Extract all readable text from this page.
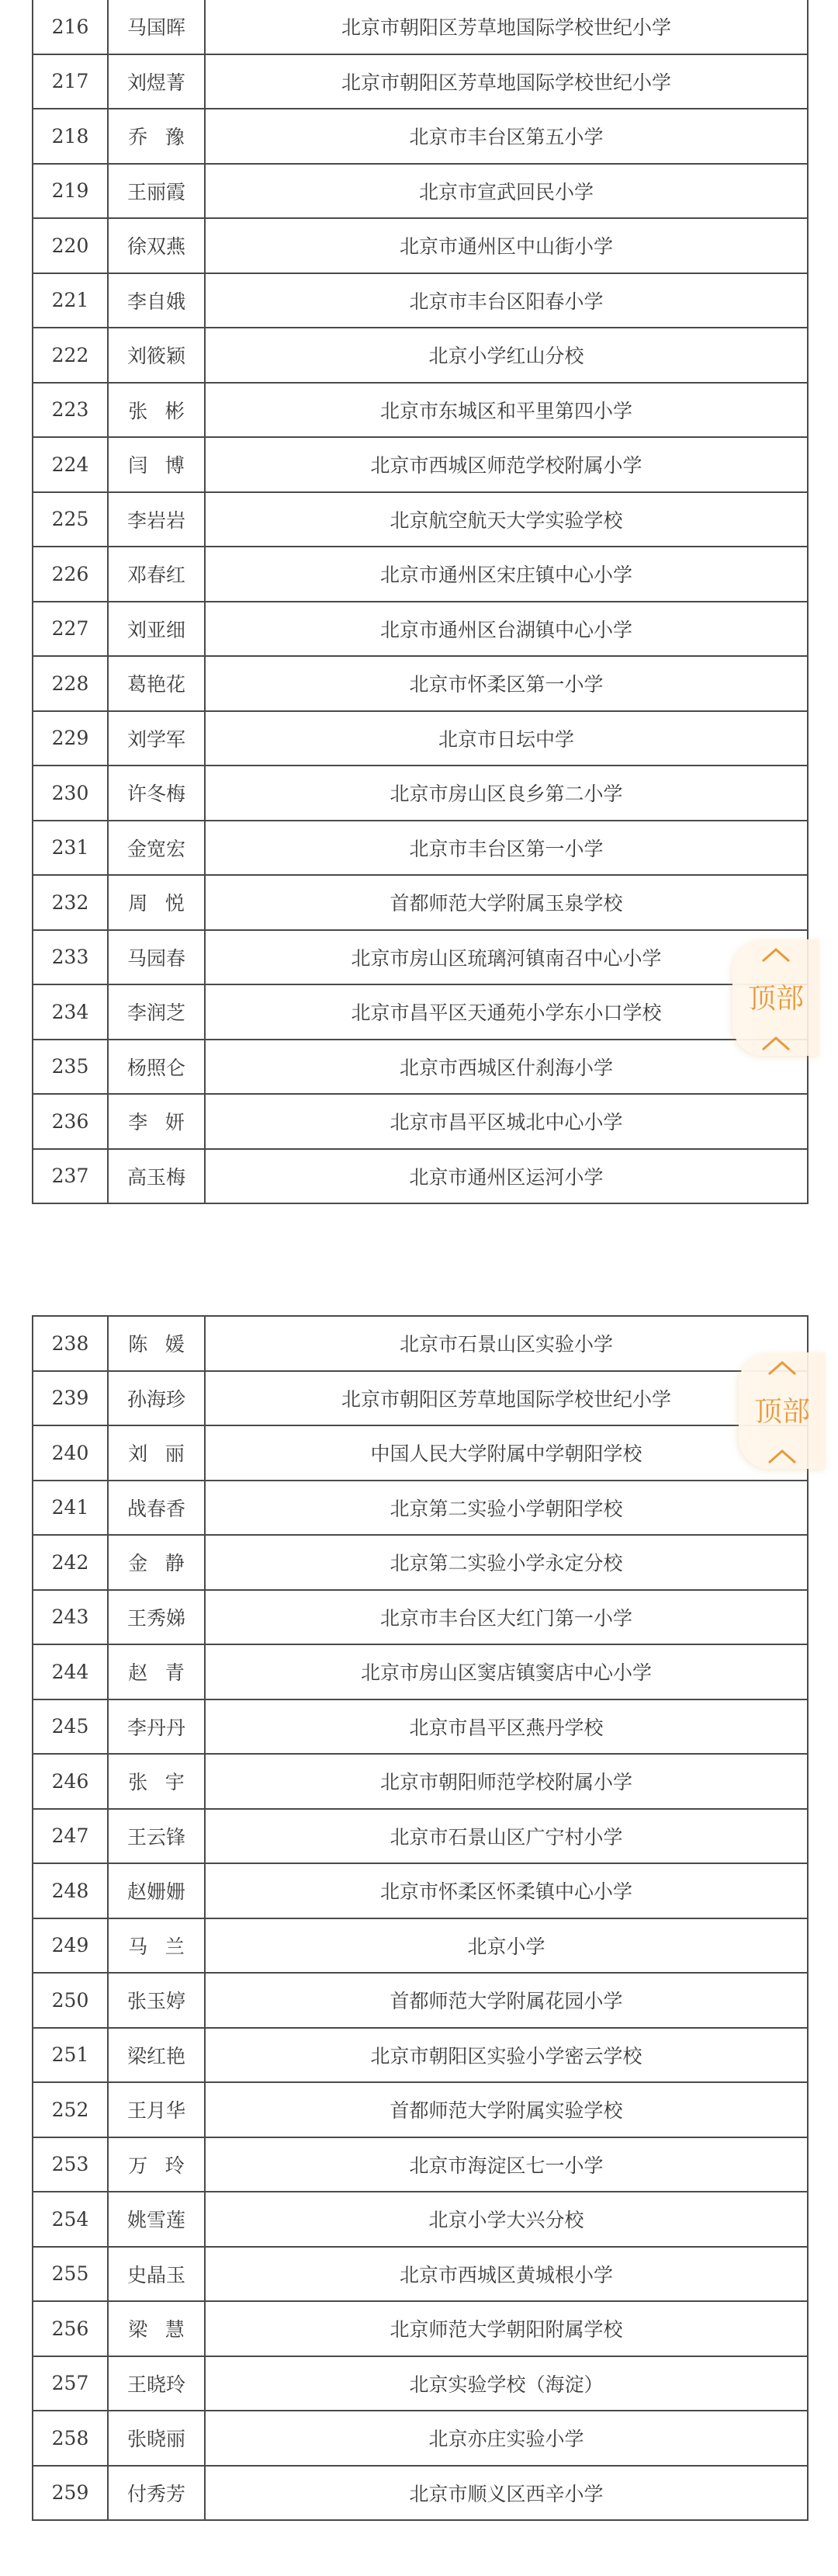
216	马国晖	北京市朝阳区芳草地国际学校世纪小学
217	刘煜菁	北京市朝阳区芳草地国际学校世纪小学
218	乔豫	北京市丰台区第五小学
219	王丽霞	北京市宣武回民小学
220	徐双燕	北京市通州区中山街小学
221	李自娥	北京市丰台区阳春小学
222	刘筱颖	北京小学红山分校
223	张彬	北京市东城区和平里第四小学
224	闫博	北京市西城区师范学校附属小学
225	李岩岩	北京航空航天大学实验学校
226	邓春红	北京市通州区宋庄镇中心小学
227	刘亚细	北京市通州区台湖镇中心小学
228	葛艳花	北京市怀柔区第一小学
229	刘学军	北京市日坛中学
230	许冬梅	北京市房山区良乡第二小学
231	金宽宏	北京市丰台区第一小学
232	周悦	首都师范大学附属玉泉学校
233	马园春	北京市房山区琉璃河镇南召中心小学
234	李润芝	北京市昌平区天通苑小学东小口学校
235	杨照仑	北京市西城区什刹海小学
236	李妍	北京市昌平区城北中心小学
237	高玉梅	北京市通州区运河小学
238	陈媛	北京市石景山区实验小学
239	孙海珍	北京市朝阳区芳草地国际学校世纪小学
240	刘丽	中国人民大学附属中学朝阳学校
241	战春香	北京第二实验小学朝阳学校
242	金静	北京第二实验小学永定分校
243	王秀娣	北京市丰台区大红门第一小学
244	赵青	北京市房山区窦店镇窦店中心小学
245	李丹丹	北京市昌平区燕丹学校
246	张宇	北京市朝阳师范学校附属小学
247	王云锋	北京市石景山区广宁村小学
248	赵姗姗	北京市怀柔区怀柔镇中心小学
249	马兰	北京小学
250	张玉婷	首都师范大学附属花园小学
251	梁红艳	北京市朝阳区实验小学密云学校
252	王月华	首都师范大学附属实验学校
253	万玲	北京市海淀区七一小学
254	姚雪莲	北京小学大兴分校
255	史晶玉	北京市西城区黄城根小学
256	梁慧	北京师范大学朝阳附属学校
257	王晓玲	北京实验学校（海淀）
258	张晓丽	北京亦庄实验小学
259	付秀芳	北京市顺义区西辛小学
顶部
顶部
